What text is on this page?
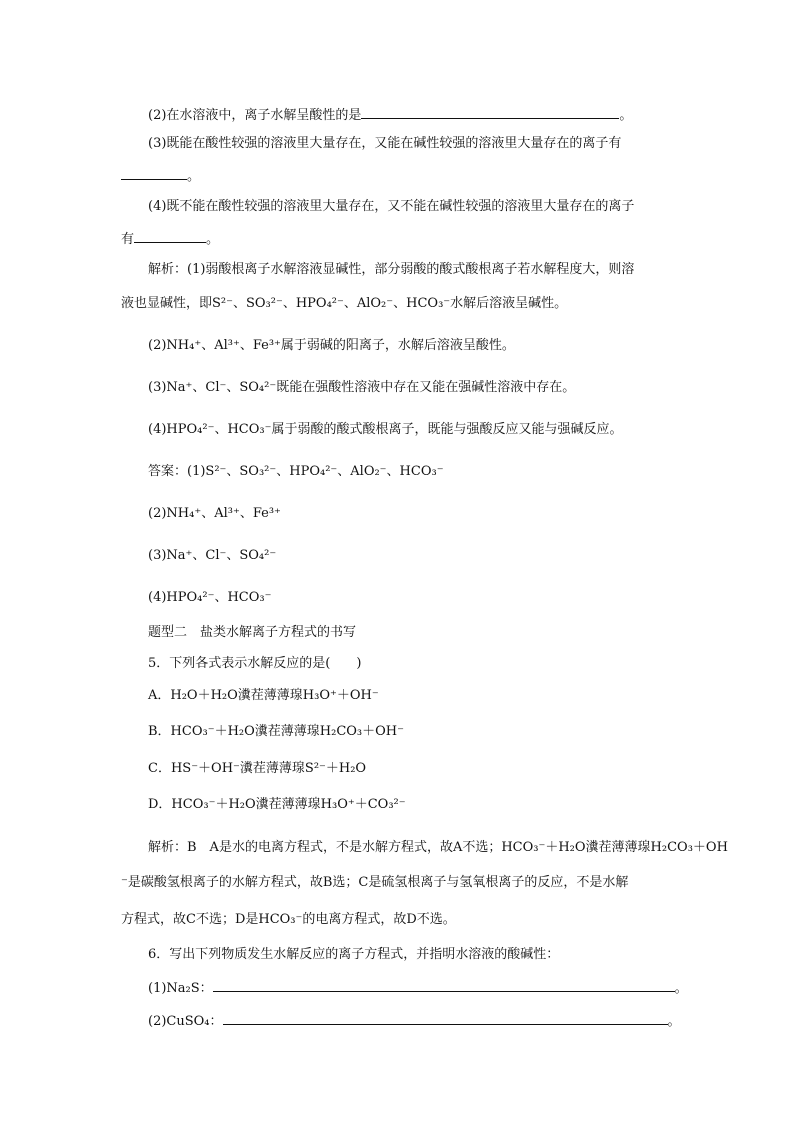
(2)在水溶液中，离子水解呈酸性的是	。
(3)既能在酸性较强的溶液里大量存在，又能在碱性较强的溶液里大量存在的离子有
。
(4)既不能在酸性较强的溶液里大量存在，又不能在碱性较强的溶液里大量存在的离子
有	。
解析：(1)弱酸根离子水解溶液显碱性，部分弱酸的酸式酸根离子若水解程度大，则溶
液也显碱性，即S²⁻、SO₃²⁻、HPO₄²⁻、AlO₂⁻、HCO₃⁻水解后溶液呈碱性。
(2)NH₄⁺、Al³⁺、Fe³⁺属于弱碱的阳离子，水解后溶液呈酸性。
(3)Na⁺、Cl⁻、SO₄²⁻既能在强酸性溶液中存在又能在强碱性溶液中存在。
(4)HPO₄²⁻、HCO₃⁻属于弱酸的酸式酸根离子，既能与强酸反应又能与强碱反应。
答案：(1)S²⁻、SO₃²⁻、HPO₄²⁻、AlO₂⁻、HCO₃⁻
(2)NH₄⁺、Al³⁺、Fe³⁺
(3)Na⁺、Cl⁻、SO₄²⁻
(4)HPO₄²⁻、HCO₃⁻
题型二　盐类水解离子方程式的书写
5．下列各式表示水解反应的是(　　)
A．H₂O＋H₂O瀵茬薄薄瑔H₃O⁺＋OH⁻
B．HCO₃⁻＋H₂O瀵茬薄薄瑔H₂CO₃＋OH⁻
C．HS⁻＋OH⁻瀵茬薄薄瑔S²⁻＋H₂O
D．HCO₃⁻＋H₂O瀵茬薄薄瑔H₃O⁺＋CO₃²⁻
解析：B　A是水的电离方程式，不是水解方程式，故A不选；HCO₃⁻＋H₂O瀵茬薄薄瑔H₂CO₃＋OH
⁻是碳酸氢根离子的水解方程式，故B选；C是硫氢根离子与氢氧根离子的反应，不是水解
方程式，故C不选；D是HCO₃⁻的电离方程式，故D不选。
6．写出下列物质发生水解反应的离子方程式，并指明水溶液的酸碱性：
(1)Na₂S：	。
(2)CuSO₄：	。
